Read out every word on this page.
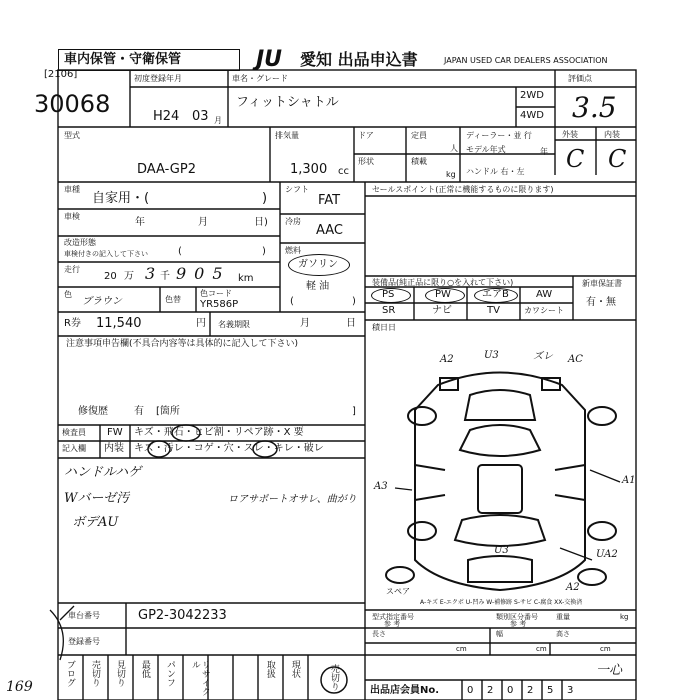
車内保管・守衛保管
[2106]
30068
JU 愛知 出品申込書	JAPAN USED CAR DEALERS ASSOCIATION
初度登録年月
H24 03 月
車名・グレード
フィットシャトル	2WD
4WD
型式
DAA-GP2
排気量
1,300 cc
ドア	定員
人
形状	積載
kg
ディーラー・並 行
モデル年式	年
ハンドル 右・左
評価点
3.5
外装	内装
C C
車種
自家用・(	)
車検
年	月	日)
改造形態
車検付きの記入して下さい	(	)
走行
20 万 3 千 905 km
色
ブラウン	色替
色コード
YR586P
シフト
FAT
冷房
AAC
燃料
ガソリン
軽 油
(	)
R券 11,540	円 名義期限	月	日
セールスポイント(正常に機能するものに限ります)
装備品(純正品に限り○を入れて下さい)	新車保証書
有・無
PS	PW	エアB	AW
SR	ナビ	TV	カワシート
注意事項申告欄(不具合内容等は具体的に記入して下さい)
修復歴	有 [箇所	]
積日日
検査員
記入欄
FW キズ・飛石・ヒビ割・リペア跡・X 要
内装 キズ・汚レ・コゲ・穴・スレ・キレ・破レ
ハンドルハゲ
Wバーゼ汚
ボデAU
ロアサポートオサレ、曲がり
A2	U3	ズレ AC
A3
A1
U3	UA2
A2
スペア
A-キズ E-エクボ U-凹み W-補修跡 S-サビ C-腐食 XX-交換済
車台番号	GP2-3042233
登録番号
型式指定番号
参 考
類別区分番号
参 考
長さ
cm
幅
cm
高さ
cm
重量	kg
169	ブログ 売切り 見切り 最低 パンフ	リサイクル	取扱 現状	売切り	出品店会員No.	0 2 0 2 5 3
一心
